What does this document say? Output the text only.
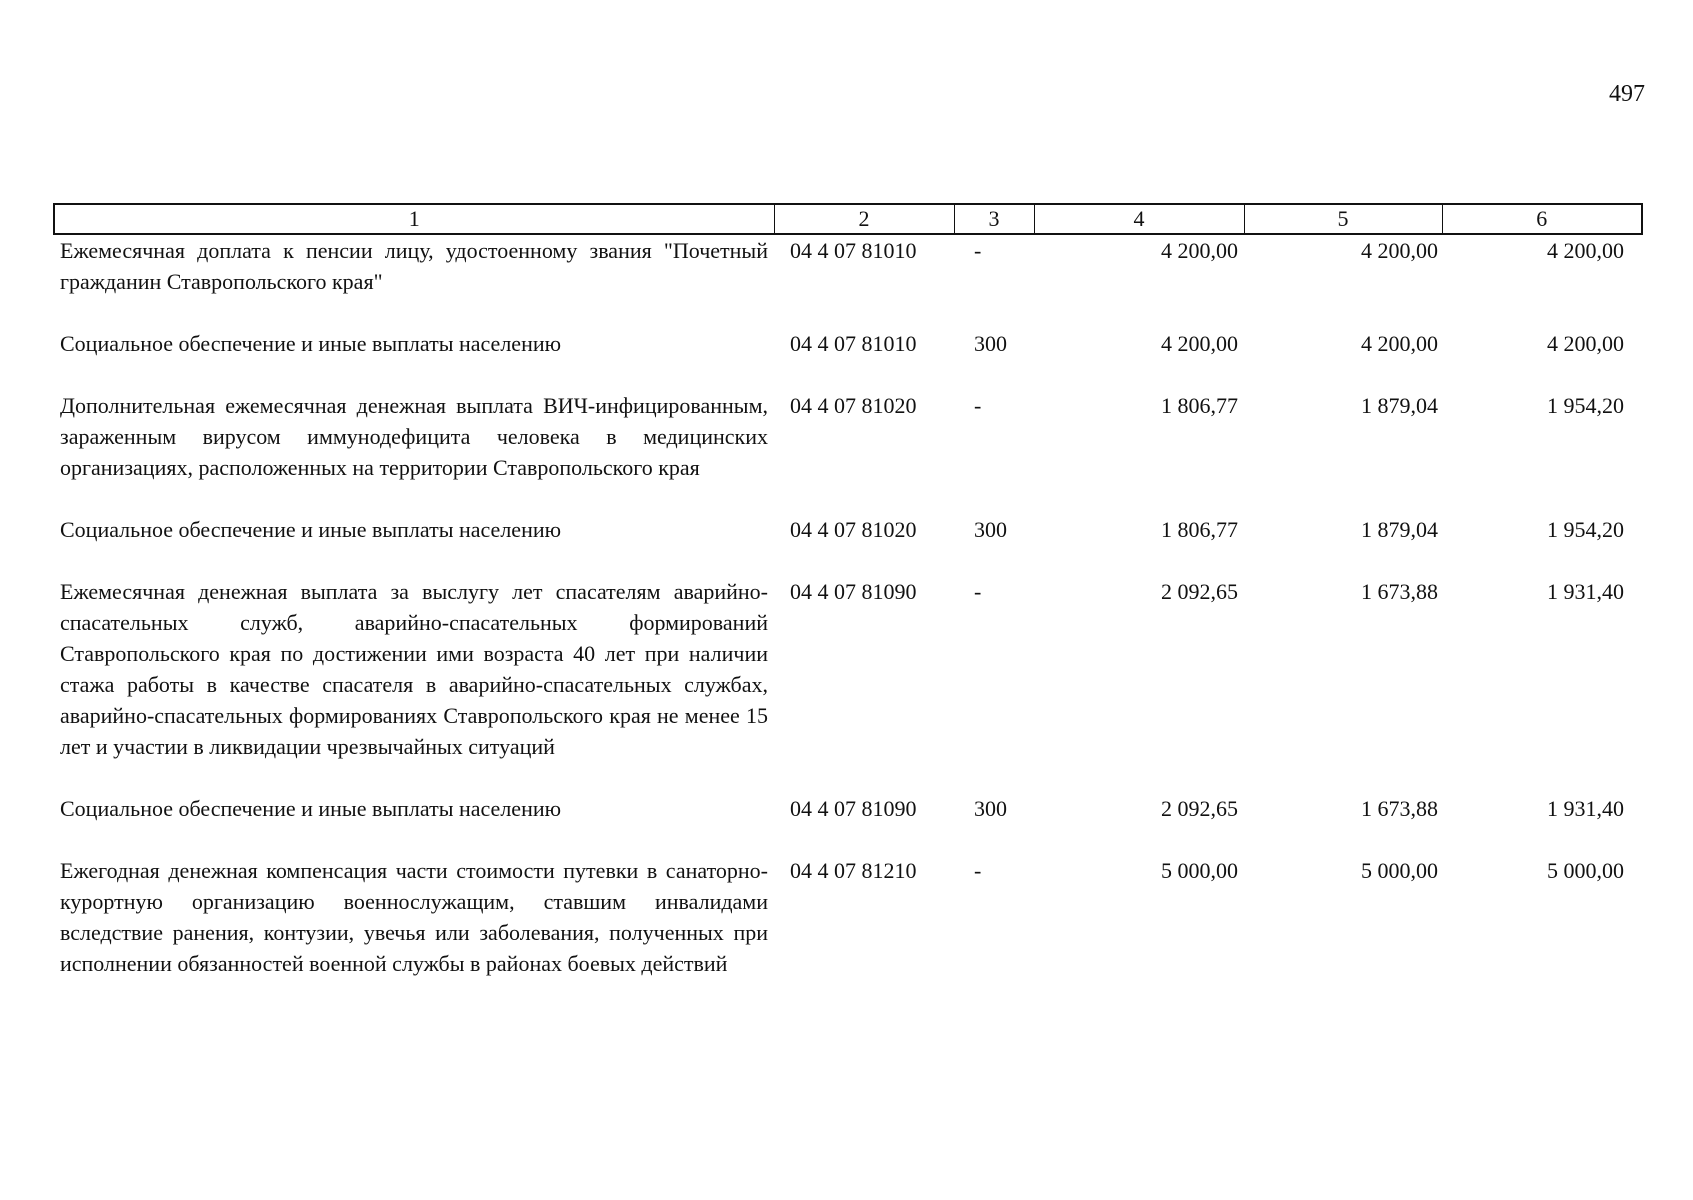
497
1	2	3	4	5	6
Ежемесячная доплата к пенсии лицу, удостоенному звания "Почетный гражданин Ставропольского края"	04 4 07 81010	-	4 200,00	4 200,00	4 200,00
Социальное обеспечение и иные выплаты населению	04 4 07 81010	300	4 200,00	4 200,00	4 200,00
Дополнительная ежемесячная денежная выплата ВИЧ-инфицированным, зараженным вирусом иммунодефицита человека в медицинских организациях, расположенных на территории Ставропольского края	04 4 07 81020	-	1 806,77	1 879,04	1 954,20
Социальное обеспечение и иные выплаты населению	04 4 07 81020	300	1 806,77	1 879,04	1 954,20
Ежемесячная денежная выплата за выслугу лет спасателям аварийно-спасательных служб, аварийно-спасательных формирований Ставропольского края по достижении ими возраста 40 лет при наличии стажа работы в качестве спасателя в аварийно-спасательных службах, аварийно-спасательных формированиях Ставропольского края не менее 15 лет и участии в ликвидации чрезвычайных ситуаций	04 4 07 81090	-	2 092,65	1 673,88	1 931,40
Социальное обеспечение и иные выплаты населению	04 4 07 81090	300	2 092,65	1 673,88	1 931,40
Ежегодная денежная компенсация части стоимости путевки в санаторно-курортную организацию военнослужащим, ставшим инвалидами вследствие ранения, контузии, увечья или заболевания, полученных при исполнении обязанностей военной службы в районах боевых действий	04 4 07 81210	-	5 000,00	5 000,00	5 000,00
